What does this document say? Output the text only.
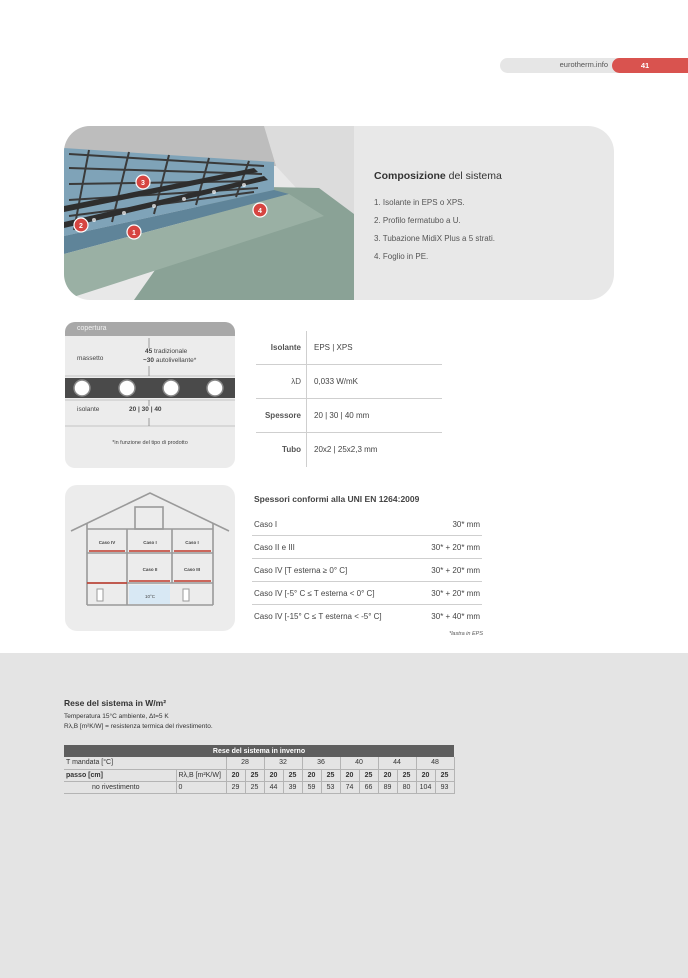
eurotherm.info	41
1
2
3
4
Composizione del sistema
1. Isolante in EPS o XPS.
2. Profilo fermatubo a U.
3. Tubazione MidiX Plus a 5 strati.
4. Foglio in PE.
copertura
massetto
45 tradizionale
~30 autolivellante*
isolante	20 | 30 | 40
*in funzione del tipo di prodotto
Isolante EPS | XPS
λD 0,033 W/mK
Spessore 20 | 30 | 40 mm
Tubo 20x2 | 25x2,3 mm
Caso IV	Caso I	Caso I
Caso II	Caso III
10°C
Spessori conformi alla UNI EN 1264:2009
Caso I	30* mm
Caso II e III	30* + 20* mm
Caso IV [T esterna ≥ 0° C]	30* + 20* mm
Caso IV [-5° C ≤ T esterna < 0° C]	30* + 20* mm
Caso IV [-15° C ≤ T esterna < -5° C]	30* + 40* mm
*lastra in EPS
Rese del sistema in W/m²
Temperatura 15°C ambiente, Δt=5 K
Rλ,B [m²K/W] = resistenza termica del rivestimento.
Rese del sistema in inverno													
T mandata [°C]		28		32		36		40		44		48	
passo [cm]	Rλ,B [m²K/W]	20	25	20	25	20	25	20	25	20	25	20	25
no rivestimento	0	29	25	44	39	59	53	74	66	89	80	104	93
